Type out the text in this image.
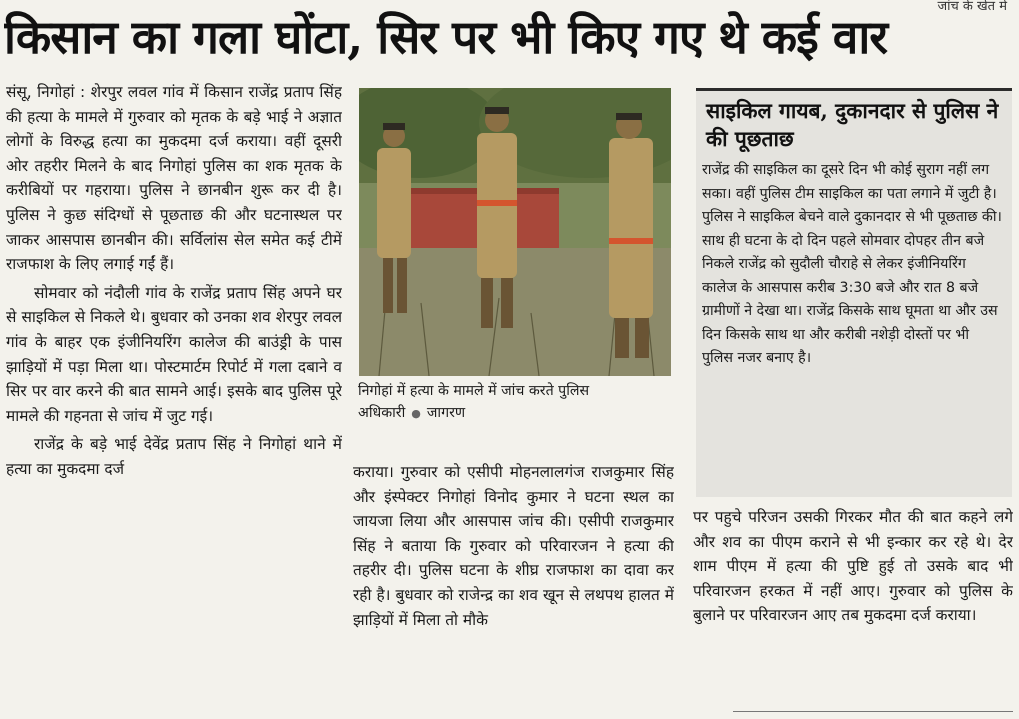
जांच के खेत मे
किसान का गला घोंटा, सिर पर भी किए गए थे कई वार

संसू, निगोहां : शेरपुर लवल गांव में किसान राजेंद्र प्रताप सिंह की हत्या के मामले में गुरुवार को मृतक के बड़े भाई ने अज्ञात लोगों के विरुद्ध हत्या का मुकदमा दर्ज कराया। वहीं दूसरी ओर तहरीर मिलने के बाद निगोहां पुलिस का शक मृतक के करीबियों पर गहराया। पुलिस ने छानबीन शुरू कर दी है। पुलिस ने कुछ संदिग्धों से पूछताछ की और घटनास्थल पर जाकर आसपास छानबीन की। सर्विलांस सेल समेत कई टीमें राजफाश के लिए लगाई गईं हैं।

सोमवार को नंदौली गांव के राजेंद्र प्रताप सिंह अपने घर से साइकिल से निकले थे। बुधवार को उनका शव शेरपुर लवल गांव के बाहर एक इंजीनियरिंग कालेज की बाउंड्री के पास झाड़ियों में पड़ा मिला था। पोस्टमार्टम रिपोर्ट में गला दबाने व सिर पर वार करने की बात सामने आई। इसके बाद पुलिस पूरे मामले की गहनता से जांच में जुट गई।

राजेंद्र के बड़े भाई देवेंद्र प्रताप सिंह ने निगोहां थाने में हत्या का मुकदमा दर्ज

निगोहां में हत्या के मामले में जांच करते पुलिस अधिकारी ● जागरण
साइकिल गायब, दुकानदार से पुलिस ने की पूछताछ
राजेंद्र की साइकिल का दूसरे दिन भी कोई सुराग नहीं लग सका। वहीं पुलिस टीम साइकिल का पता लगाने में जुटी है। पुलिस ने साइकिल बेचने वाले दुकानदार से भी पूछताछ की। साथ ही घटना के दो दिन पहले सोमवार दोपहर तीन बजे निकले राजेंद्र को सुदौली चौराहे से लेकर इंजीनियरिंग कालेज के आसपास करीब 3:30 बजे और रात 8 बजे ग्रामीणों ने देखा था। राजेंद्र किसके साथ घूमता था और उस दिन किसके साथ था और करीबी नशेड़ी दोस्तों पर भी पुलिस नजर बनाए है।

कराया। गुरुवार को एसीपी मोहनलालगंज राजकुमार सिंह और इंस्पेक्टर निगोहां विनोद कुमार ने घटना स्थल का जायजा लिया और आसपास जांच की। एसीपी राजकुमार सिंह ने बताया कि गुरुवार को परिवारजन ने हत्या की तहरीर दी। पुलिस घटना के शीघ्र राजफाश का दावा कर रही है। बुधवार को राजेन्द्र का शव खून से लथपथ हालत में झाड़ियों में मिला तो मौके

पर पहुचे परिजन उसकी गिरकर मौत की बात कहने लगे और शव का पीएम कराने से भी इन्कार कर रहे थे। देर शाम पीएम में हत्या की पुष्टि हुई तो उसके बाद भी परिवारजन हरकत में नहीं आए। गुरुवार को पुलिस के बुलाने पर परिवारजन आए तब मुकदमा दर्ज कराया।
